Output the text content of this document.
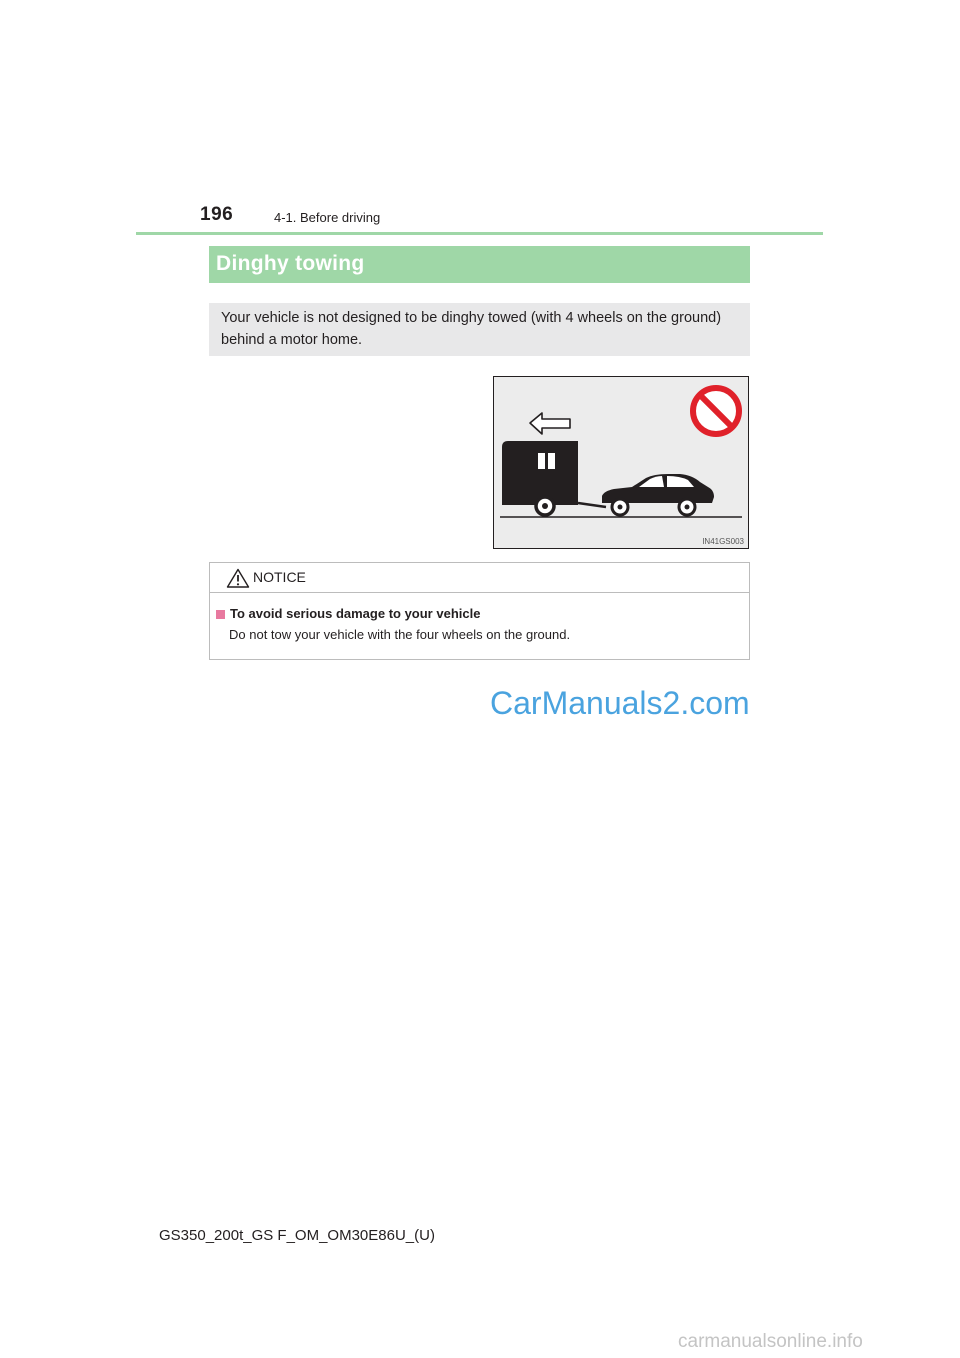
196	4-1. Before driving
Dinghy towing
Your vehicle is not designed to be dinghy towed (with 4 wheels on the ground) behind a motor home.
IN41GS003
NOTICE
To avoid serious damage to your vehicle
Do not tow your vehicle with the four wheels on the ground.
CarManuals2.com
GS350_200t_GS F_OM_OM30E86U_(U)
carmanualsonline.info
